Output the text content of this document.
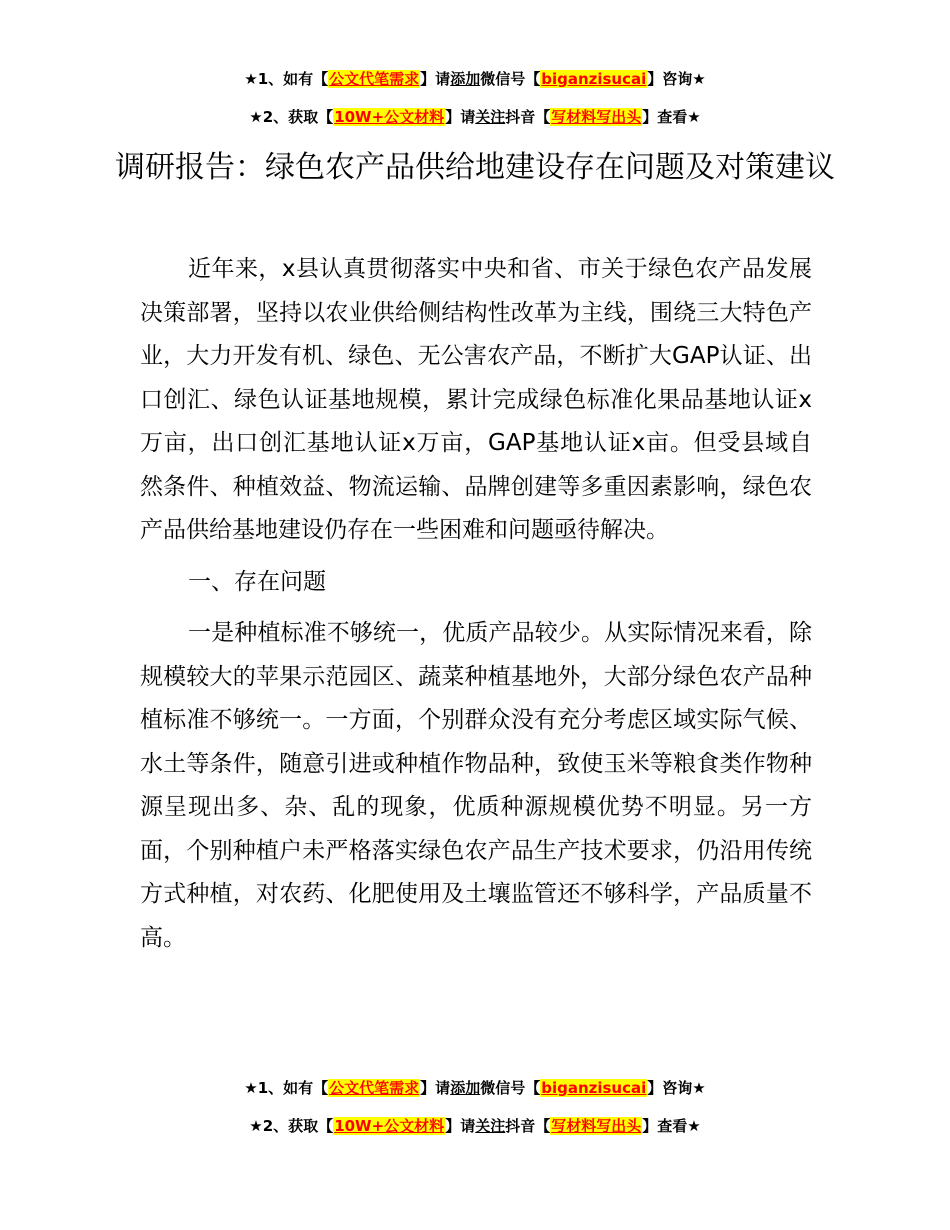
★1、如有【公文代笔需求】请添加微信号【biganzisucai】咨询★
★2、获取【10W+公文材料】请关注抖音【写材料写出头】查看★
调研报告：绿色农产品供给地建设存在问题及对策建议

近年来，x县认真贯彻落实中央和省、市关于绿色农产品发展决策部署，坚持以农业供给侧结构性改革为主线，围绕三大特色产业，大力开发有机、绿色、无公害农产品，不断扩大GAP认证、出口创汇、绿色认证基地规模，累计完成绿色标准化果品基地认证x万亩，出口创汇基地认证x万亩，GAP基地认证x亩。但受县域自然条件、种植效益、物流运输、品牌创建等多重因素影响，绿色农产品供给基地建设仍存在一些困难和问题亟待解决。

一、存在问题

一是种植标准不够统一，优质产品较少。从实际情况来看，除规模较大的苹果示范园区、蔬菜种植基地外，大部分绿色农产品种植标准不够统一。一方面，个别群众没有充分考虑区域实际气候、水土等条件，随意引进或种植作物品种，致使玉米等粮食类作物种源呈现出多、杂、乱的现象，优质种源规模优势不明显。另一方面，个别种植户未严格落实绿色农产品生产技术要求，仍沿用传统方式种植，对农药、化肥使用及土壤监管还不够科学，产品质量不高。

★1、如有【公文代笔需求】请添加微信号【biganzisucai】咨询★
★2、获取【10W+公文材料】请关注抖音【写材料写出头】查看★
